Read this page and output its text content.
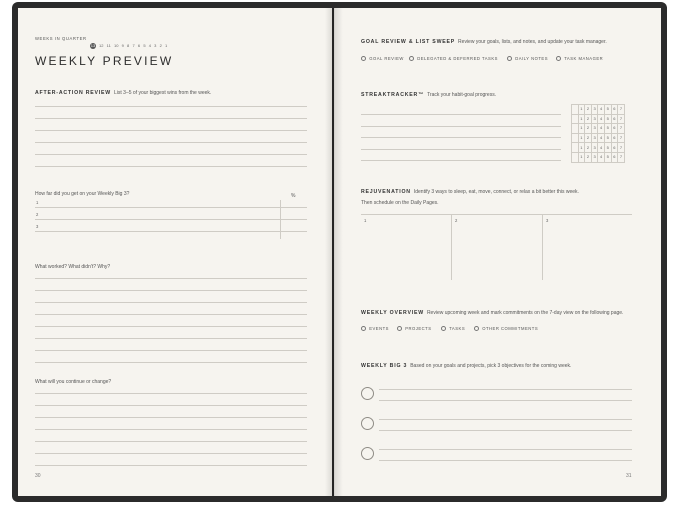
WEEKS IN QUARTER
13 12 11 10 9 8 7 6 5 4 3 2 1
WEEKLY PREVIEW
AFTER-ACTION REVIEW List 3–5 of your biggest wins from the week.
How far did you get on your Weekly Big 3?	%
1
2
3
What worked? What didn't? Why?
What will you continue or change?
30
GOAL REVIEW & LIST SWEEP Review your goals, lists, and notes, and update your task manager.
GOAL REVIEW	DELEGATED & DEFERRED TASKS	DAILY NOTES	TASK MANAGER
STREAKTRACKER™ Track your habit-goal progress.
	1	2	3	4	5	6	7
	1	2	3	4	5	6	7
	1	2	3	4	5	6	7
	1	2	3	4	5	6	7
	1	2	3	4	5	6	7
	1	2	3	4	5	6	7
REJUVENATION Identify 3 ways to sleep, eat, move, connect, or relax a bit better this week.
Then schedule on the Daily Pages.
1	2	3
WEEKLY OVERVIEW Review upcoming week and mark commitments on the 7-day view on the following page.
EVENTS	PROJECTS	TASKS	OTHER COMMITMENTS
WEEKLY BIG 3 Based on your goals and projects, pick 3 objectives for the coming week.
31
